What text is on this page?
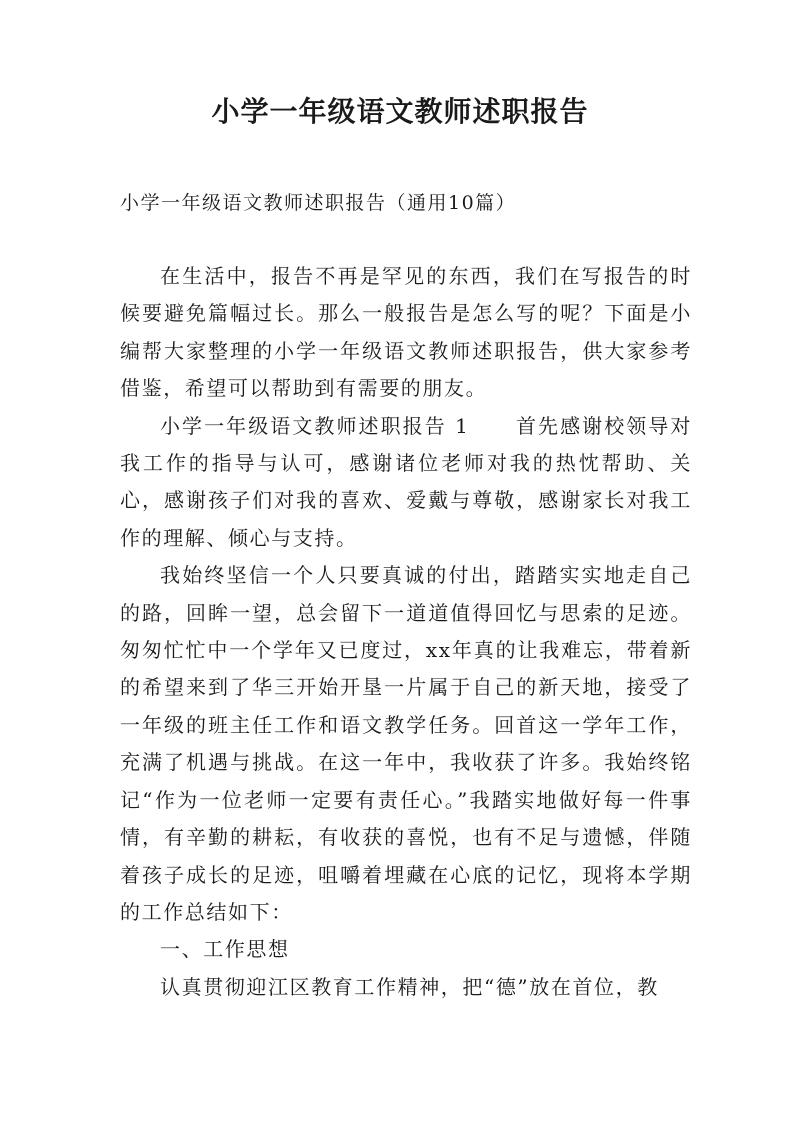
小学一年级语文教师述职报告

小学一年级语文教师述职报告（通用10篇）

在生活中，报告不再是罕见的东西，我们在写报告的时候要避免篇幅过长。那么一般报告是怎么写的呢？下面是小编帮大家整理的小学一年级语文教师述职报告，供大家参考借鉴，希望可以帮助到有需要的朋友。

小学一年级语文教师述职报告 1 首先感谢校领导对我工作的指导与认可，感谢诸位老师对我的热忱帮助、关心，感谢孩子们对我的喜欢、爱戴与尊敬，感谢家长对我工作的理解、倾心与支持。

我始终坚信一个人只要真诚的付出，踏踏实实地走自己的路，回眸一望，总会留下一道道值得回忆与思索的足迹。匆匆忙忙中一个学年又已度过，xx年真的让我难忘，带着新的希望来到了华三开始开垦一片属于自己的新天地，接受了一年级的班主任工作和语文教学任务。回首这一学年工作，充满了机遇与挑战。在这一年中，我收获了许多。我始终铭记“作为一位老师一定要有责任心。”我踏实地做好每一件事情，有辛勤的耕耘，有收获的喜悦，也有不足与遗憾，伴随着孩子成长的足迹，咀嚼着埋藏在心底的记忆，现将本学期的工作总结如下：

一、工作思想

认真贯彻迎江区教育工作精神，把“德”放在首位，教
